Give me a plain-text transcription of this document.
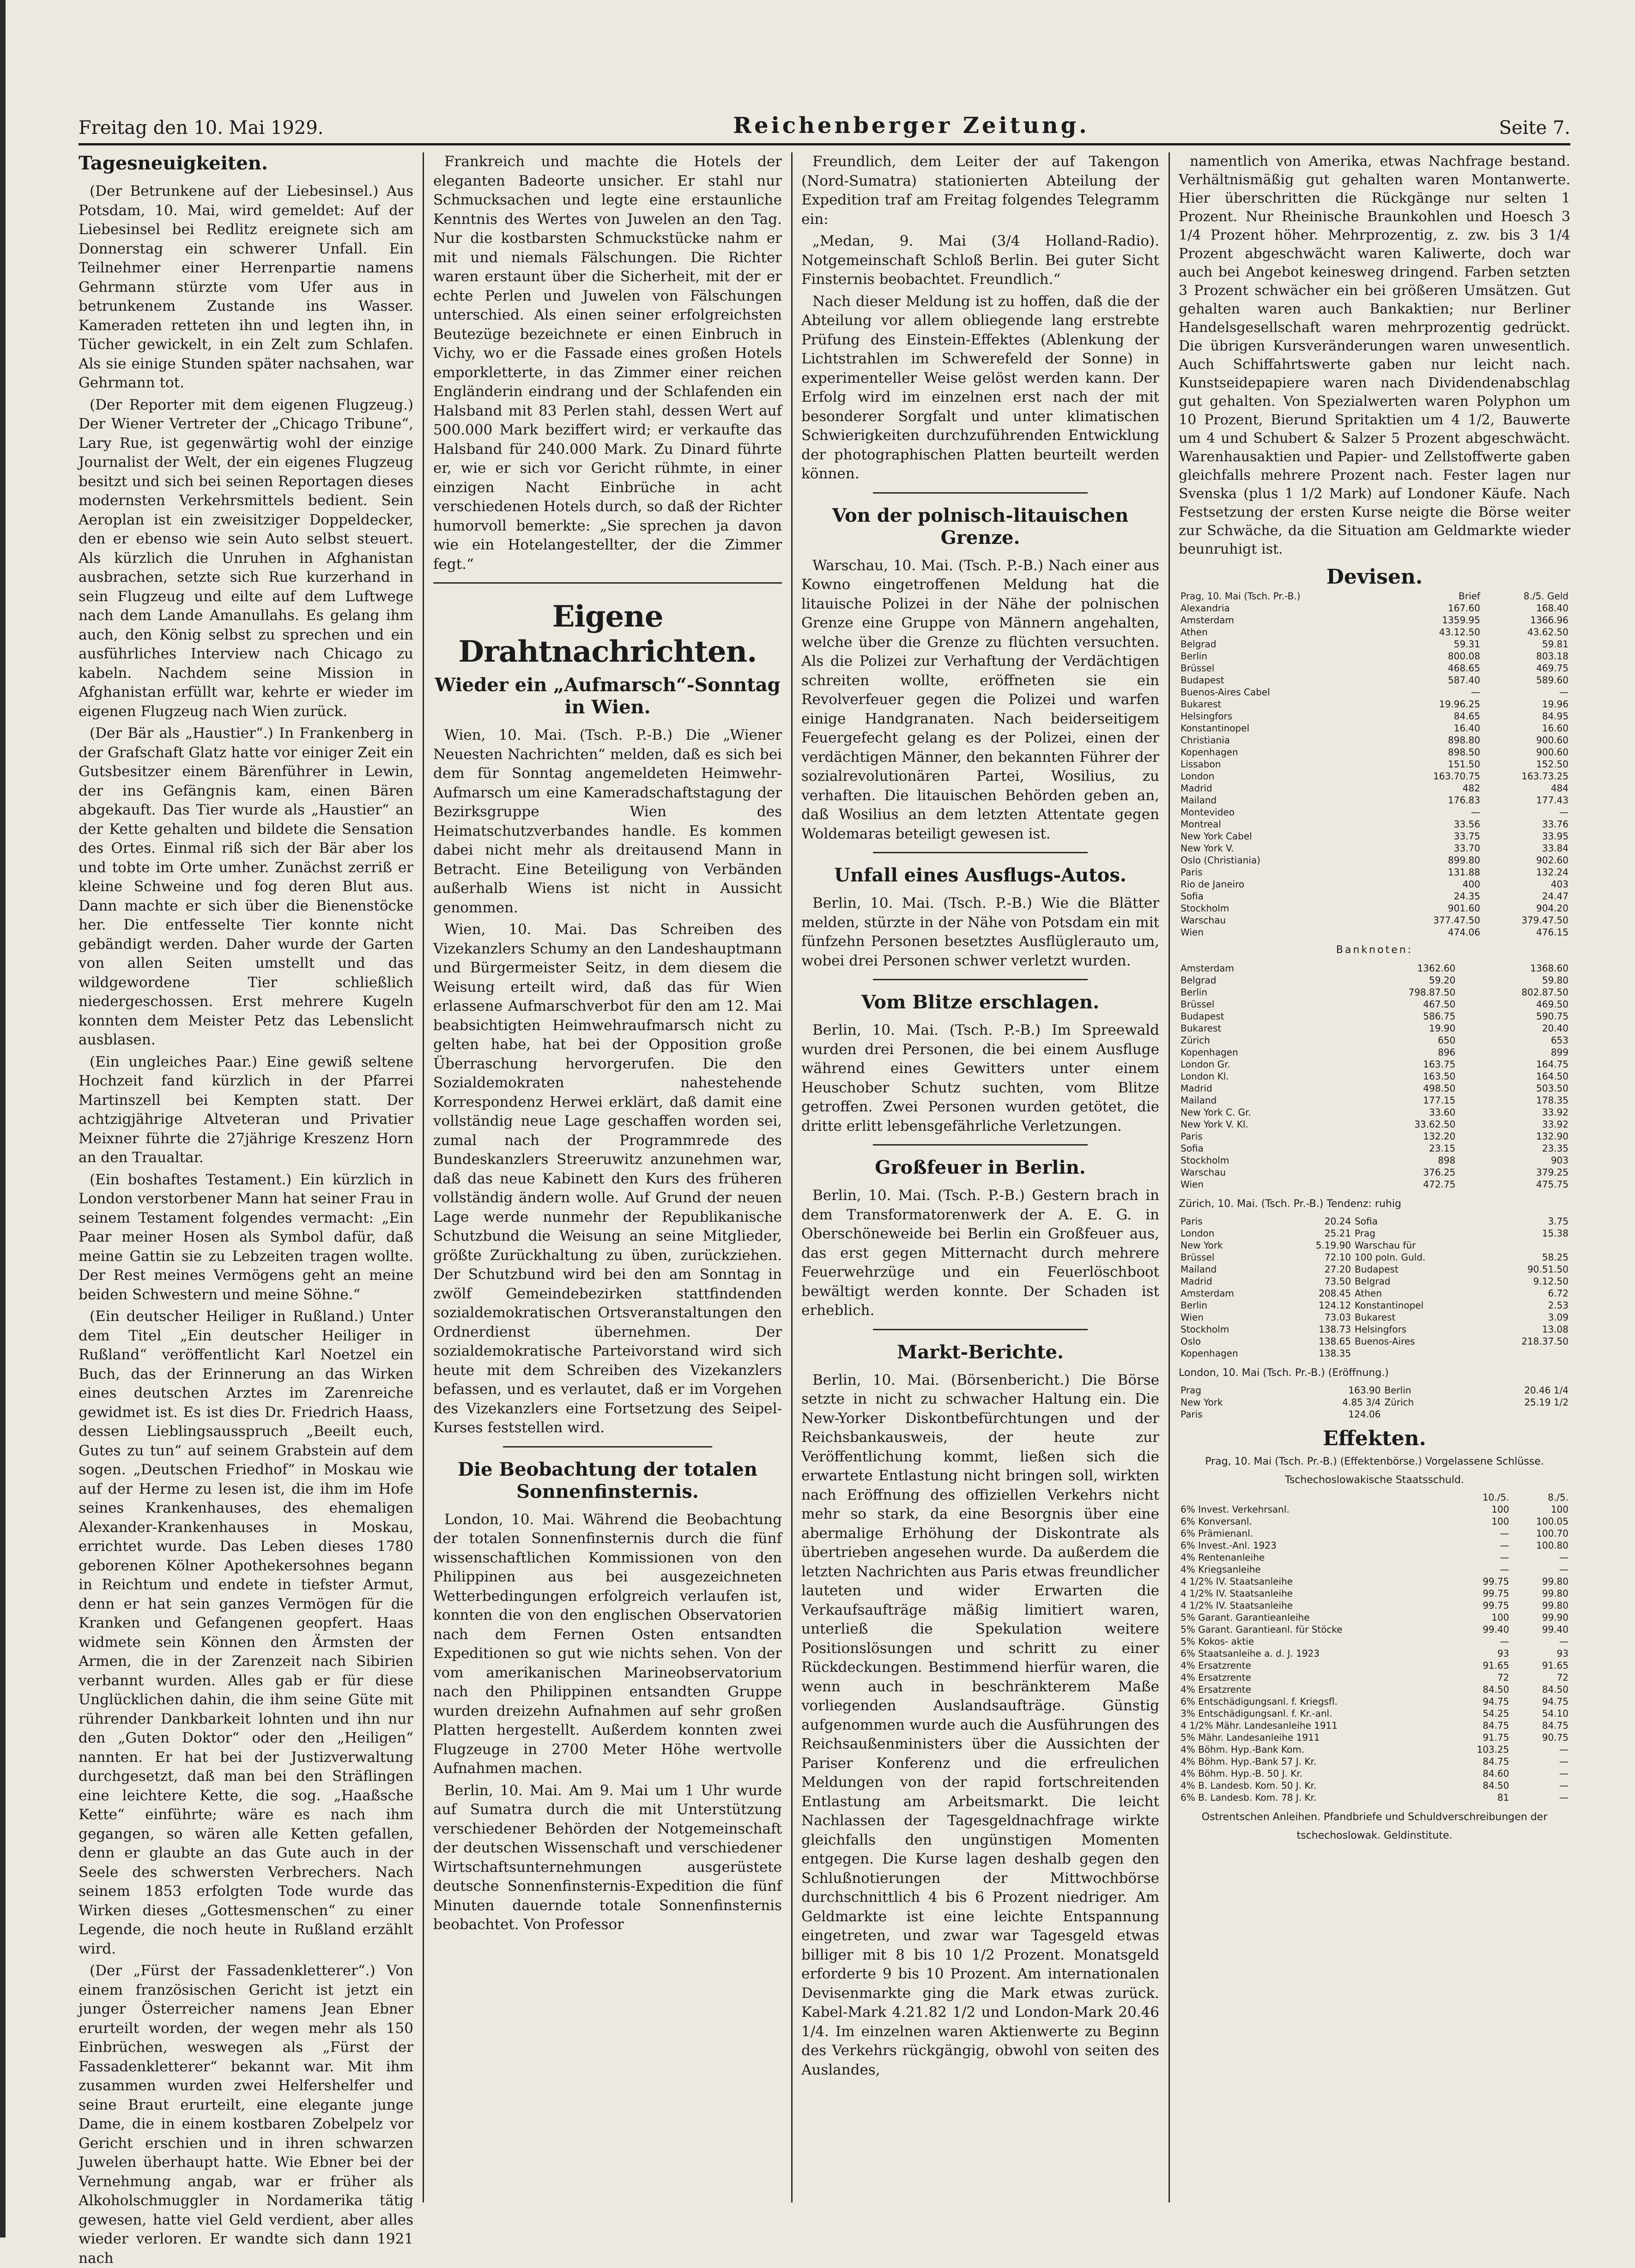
Freitag den 10. Mai 1929.	Reichenberger Zeitung.	Seite 7.
Tagesneuigkeiten.

(Der Betrunkene auf der Liebesinsel.) Aus Potsdam, 10. Mai, wird gemeldet: Auf der Liebesinsel bei Redlitz ereignete sich am Donnerstag ein schwerer Unfall. Ein Teilnehmer einer Herrenpartie namens Gehrmann stürzte vom Ufer aus in betrunkenem Zustande ins Wasser. Kameraden retteten ihn und legten ihn, in Tücher gewickelt, in ein Zelt zum Schlafen. Als sie einige Stunden später nachsahen, war Gehrmann tot.

(Der Reporter mit dem eigenen Flugzeug.) Der Wiener Vertreter der „Chicago Tribune“, Lary Rue, ist gegenwärtig wohl der einzige Journalist der Welt, der ein eigenes Flugzeug besitzt und sich bei seinen Reportagen dieses modernsten Verkehrsmittels bedient. Sein Aeroplan ist ein zweisitziger Doppeldecker, den er ebenso wie sein Auto selbst steuert. Als kürzlich die Unruhen in Afghanistan ausbrachen, setzte sich Rue kurzerhand in sein Flugzeug und eilte auf dem Luftwege nach dem Lande Amanullahs. Es gelang ihm auch, den König selbst zu sprechen und ein ausführliches Interview nach Chicago zu kabeln. Nachdem seine Mission in Afghanistan erfüllt war, kehrte er wieder im eigenen Flugzeug nach Wien zurück.

(Der Bär als „Haustier“.) In Frankenberg in der Grafschaft Glatz hatte vor einiger Zeit ein Gutsbesitzer einem Bärenführer in Lewin, der ins Gefängnis kam, einen Bären abgekauft. Das Tier wurde als „Haustier“ an der Kette gehalten und bildete die Sensation des Ortes. Einmal riß sich der Bär aber los und tobte im Orte umher. Zunächst zerriß er kleine Schweine und fog deren Blut aus. Dann machte er sich über die Bienenstöcke her. Die entfesselte Tier konnte nicht gebändigt werden. Daher wurde der Garten von allen Seiten umstellt und das wildgewordene Tier schließlich niedergeschossen. Erst mehrere Kugeln konnten dem Meister Petz das Lebenslicht ausblasen.

(Ein ungleiches Paar.) Eine gewiß seltene Hochzeit fand kürzlich in der Pfarrei Martinszell bei Kempten statt. Der achtzigjährige Altveteran und Privatier Meixner führte die 27jährige Kreszenz Horn an den Traualtar.

(Ein boshaftes Testament.) Ein kürzlich in London verstorbener Mann hat seiner Frau in seinem Testament folgendes vermacht: „Ein Paar meiner Hosen als Symbol dafür, daß meine Gattin sie zu Lebzeiten tragen wollte. Der Rest meines Vermögens geht an meine beiden Schwestern und meine Söhne.“

(Ein deutscher Heiliger in Rußland.) Unter dem Titel „Ein deutscher Heiliger in Rußland“ veröffentlicht Karl Noetzel ein Buch, das der Erinnerung an das Wirken eines deutschen Arztes im Zarenreiche gewidmet ist. Es ist dies Dr. Friedrich Haass, dessen Lieblingsausspruch „Beeilt euch, Gutes zu tun“ auf seinem Grabstein auf dem sogen. „Deutschen Friedhof“ in Moskau wie auf der Herme zu lesen ist, die ihm im Hofe seines Krankenhauses, des ehemaligen Alexander-Krankenhauses in Moskau, errichtet wurde. Das Leben dieses 1780 geborenen Kölner Apothekersohnes begann in Reichtum und endete in tiefster Armut, denn er hat sein ganzes Vermögen für die Kranken und Gefangenen geopfert. Haas widmete sein Können den Ärmsten der Armen, die in der Zarenzeit nach Sibirien verbannt wurden. Alles gab er für diese Unglücklichen dahin, die ihm seine Güte mit rührender Dankbarkeit lohnten und ihn nur den „Guten Doktor“ oder den „Heiligen“ nannten. Er hat bei der Justizverwaltung durchgesetzt, daß man bei den Sträflingen eine leichtere Kette, die sog. „Haaßsche Kette“ einführte; wäre es nach ihm gegangen, so wären alle Ketten gefallen, denn er glaubte an das Gute auch in der Seele des schwersten Verbrechers. Nach seinem 1853 erfolgten Tode wurde das Wirken dieses „Gottesmenschen“ zu einer Legende, die noch heute in Rußland erzählt wird.

(Der „Fürst der Fassadenkletterer“.) Von einem französischen Gericht ist jetzt ein junger Österreicher namens Jean Ebner erurteilt worden, der wegen mehr als 150 Einbrüchen, weswegen als „Fürst der Fassadenkletterer“ bekannt war. Mit ihm zusammen wurden zwei Helfershelfer und seine Braut erurteilt, eine elegante junge Dame, die in einem kostbaren Zobelpelz vor Gericht erschien und in ihren schwarzen Juwelen überhaupt hatte. Wie Ebner bei der Vernehmung angab, war er früher als Alkoholschmuggler in Nordamerika tätig gewesen, hatte viel Geld verdient, aber alles wieder verloren. Er wandte sich dann 1921 nach

Frankreich und machte die Hotels der eleganten Badeorte unsicher. Er stahl nur Schmucksachen und legte eine erstaunliche Kenntnis des Wertes von Juwelen an den Tag. Nur die kostbarsten Schmuckstücke nahm er mit und niemals Fälschungen. Die Richter waren erstaunt über die Sicherheit, mit der er echte Perlen und Juwelen von Fälschungen unterschied. Als einen seiner erfolgreichsten Beutezüge bezeichnete er einen Einbruch in Vichy, wo er die Fassade eines großen Hotels emporkletterte, in das Zimmer einer reichen Engländerin eindrang und der Schlafenden ein Halsband mit 83 Perlen stahl, dessen Wert auf 500.000 Mark beziffert wird; er verkaufte das Halsband für 240.000 Mark. Zu Dinard führte er, wie er sich vor Gericht rühmte, in einer einzigen Nacht Einbrüche in acht verschiedenen Hotels durch, so daß der Richter humorvoll bemerkte: „Sie sprechen ja davon wie ein Hotelangestellter, der die Zimmer fegt.“

Eigene Drahtnachrichten.
Wieder ein „Aufmarsch“-Sonntag in Wien.

Wien, 10. Mai. (Tsch. P.-B.) Die „Wiener Neuesten Nachrichten“ melden, daß es sich bei dem für Sonntag angemeldeten Heimwehr-Aufmarsch um eine Kameradschaftstagung der Bezirksgruppe Wien des Heimatschutzverbandes handle. Es kommen dabei nicht mehr als dreitausend Mann in Betracht. Eine Beteiligung von Verbänden außerhalb Wiens ist nicht in Aussicht genommen.

Wien, 10. Mai. Das Schreiben des Vizekanzlers Schumy an den Landeshauptmann und Bürgermeister Seitz, in dem diesem die Weisung erteilt wird, daß das für Wien erlassene Aufmarschverbot für den am 12. Mai beabsichtigten Heimwehraufmarsch nicht zu gelten habe, hat bei der Opposition große Überraschung hervorgerufen. Die den Sozialdemokraten nahestehende Korrespondenz Herwei erklärt, daß damit eine vollständig neue Lage geschaffen worden sei, zumal nach der Programmrede des Bundeskanzlers Streeruwitz anzunehmen war, daß das neue Kabinett den Kurs des früheren vollständig ändern wolle. Auf Grund der neuen Lage werde nunmehr der Republikanische Schutzbund die Weisung an seine Mitglieder, größte Zurückhaltung zu üben, zurückziehen. Der Schutzbund wird bei den am Sonntag in zwölf Gemeindebezirken stattfindenden sozialdemokratischen Ortsveranstaltungen den Ordnerdienst übernehmen. Der sozialdemokratische Parteivorstand wird sich heute mit dem Schreiben des Vizekanzlers befassen, und es verlautet, daß er im Vorgehen des Vizekanzlers eine Fortsetzung des Seipel-Kurses feststellen wird.

Die Beobachtung der totalen Sonnenfinsternis.

London, 10. Mai. Während die Beobachtung der totalen Sonnenfinsternis durch die fünf wissenschaftlichen Kommissionen von den Philippinen aus bei ausgezeichneten Wetterbedingungen erfolgreich verlaufen ist, konnten die von den englischen Observatorien nach dem Fernen Osten entsandten Expeditionen so gut wie nichts sehen. Von der vom amerikanischen Marineobservatorium nach den Philippinen entsandten Gruppe wurden dreizehn Aufnahmen auf sehr großen Platten hergestellt. Außerdem konnten zwei Flugzeuge in 2700 Meter Höhe wertvolle Aufnahmen machen.

Berlin, 10. Mai. Am 9. Mai um 1 Uhr wurde auf Sumatra durch die mit Unterstützung verschiedener Behörden der Notgemeinschaft der deutschen Wissenschaft und verschiedener Wirtschaftsunternehmungen ausgerüstete deutsche Sonnenfinsternis-Expedition die fünf Minuten dauernde totale Sonnenfinsternis beobachtet. Von Professor

Freundlich, dem Leiter der auf Takengon (Nord-Sumatra) stationierten Abteilung der Expedition traf am Freitag folgendes Telegramm ein:

„Medan, 9. Mai (3/4 Holland-Radio). Notgemeinschaft Schloß Berlin. Bei guter Sicht Finsternis beobachtet. Freundlich.“

Nach dieser Meldung ist zu hoffen, daß die der Abteilung vor allem obliegende lang erstrebte Prüfung des Einstein-Effektes (Ablenkung der Lichtstrahlen im Schwerefeld der Sonne) in experimenteller Weise gelöst werden kann. Der Erfolg wird im einzelnen erst nach der mit besonderer Sorgfalt und unter klimatischen Schwierigkeiten durchzuführenden Entwicklung der photographischen Platten beurteilt werden können.

Von der polnisch-litauischen Grenze.

Warschau, 10. Mai. (Tsch. P.-B.) Nach einer aus Kowno eingetroffenen Meldung hat die litauische Polizei in der Nähe der polnischen Grenze eine Gruppe von Männern angehalten, welche über die Grenze zu flüchten versuchten. Als die Polizei zur Verhaftung der Verdächtigen schreiten wollte, eröffneten sie ein Revolverfeuer gegen die Polizei und warfen einige Handgranaten. Nach beiderseitigem Feuergefecht gelang es der Polizei, einen der verdächtigen Männer, den bekannten Führer der sozialrevolutionären Partei, Wosilius, zu verhaften. Die litauischen Behörden geben an, daß Wosilius an dem letzten Attentate gegen Woldemaras beteiligt gewesen ist.

Unfall eines Ausflugs-Autos.

Berlin, 10. Mai. (Tsch. P.-B.) Wie die Blätter melden, stürzte in der Nähe von Potsdam ein mit fünfzehn Personen besetztes Ausflüglerauto um, wobei drei Personen schwer verletzt wurden.

Vom Blitze erschlagen.

Berlin, 10. Mai. (Tsch. P.-B.) Im Spreewald wurden drei Personen, die bei einem Ausfluge während eines Gewitters unter einem Heuschober Schutz suchten, vom Blitze getroffen. Zwei Personen wurden getötet, die dritte erlitt lebensgefährliche Verletzungen.

Großfeuer in Berlin.

Berlin, 10. Mai. (Tsch. P.-B.) Gestern brach in dem Transformatorenwerk der A. E. G. in Oberschöneweide bei Berlin ein Großfeuer aus, das erst gegen Mitternacht durch mehrere Feuerwehrzüge und ein Feuerlöschboot bewältigt werden konnte. Der Schaden ist erheblich.

Markt-Berichte.

Berlin, 10. Mai. (Börsenbericht.) Die Börse setzte in nicht zu schwacher Haltung ein. Die New-Yorker Diskontbefürchtungen und der Reichsbankausweis, der heute zur Veröffentlichung kommt, ließen sich die erwartete Entlastung nicht bringen soll, wirkten nach Eröffnung des offiziellen Verkehrs nicht mehr so stark, da eine Besorgnis über eine abermalige Erhöhung der Diskontrate als übertrieben angesehen wurde. Da außerdem die letzten Nachrichten aus Paris etwas freundlicher lauteten und wider Erwarten die Verkaufsaufträge mäßig limitiert waren, unterließ die Spekulation weitere Positionslösungen und schritt zu einer Rückdeckungen. Bestimmend hierfür waren, die wenn auch in beschränkterem Maße vorliegenden Auslandsaufträge. Günstig aufgenommen wurde auch die Ausführungen des Reichsaußenministers über die Aussichten der Pariser Konferenz und die erfreulichen Meldungen von der rapid fortschreitenden Entlastung am Arbeitsmarkt. Die leicht Nachlassen der Tagesgeldnachfrage wirkte gleichfalls den ungünstigen Momenten entgegen. Die Kurse lagen deshalb gegen den Schlußnotierungen der Mittwochbörse durchschnittlich 4 bis 6 Prozent niedriger. Am Geldmarkte ist eine leichte Entspannung eingetreten, und zwar war Tagesgeld etwas billiger mit 8 bis 10 1/2 Prozent. Monatsgeld erforderte 9 bis 10 Prozent. Am internationalen Devisenmarkte ging die Mark etwas zurück. Kabel-Mark 4.21.82 1/2 und London-Mark 20.46 1/4. Im einzelnen waren Aktienwerte zu Beginn des Verkehrs rückgängig, obwohl von seiten des Auslandes,

namentlich von Amerika, etwas Nachfrage bestand. Verhältnismäßig gut gehalten waren Montanwerte. Hier überschritten die Rückgänge nur selten 1 Prozent. Nur Rheinische Braunkohlen und Hoesch 3 1/4 Prozent höher. Mehrprozentig, z. zw. bis 3 1/4 Prozent abgeschwächt waren Kaliwerte, doch war auch bei Angebot keinesweg dringend. Farben setzten 3 Prozent schwächer ein bei größeren Umsätzen. Gut gehalten waren auch Bankaktien; nur Berliner Handelsgesellschaft waren mehrprozentig gedrückt. Die übrigen Kursveränderungen waren unwesentlich. Auch Schiffahrtswerte gaben nur leicht nach. Kunstseidepapiere waren nach Dividendenabschlag gut gehalten. Von Spezialwerten waren Polyphon um 10 Prozent, Bierund Spritaktien um 4 1/2, Bauwerte um 4 und Schubert & Salzer 5 Prozent abgeschwächt. Warenhausaktien und Papier- und Zellstoffwerte gaben gleichfalls mehrere Prozent nach. Fester lagen nur Svenska (plus 1 1/2 Mark) auf Londoner Käufe. Nach Festsetzung der ersten Kurse neigte die Börse weiter zur Schwäche, da die Situation am Geldmarkte wieder beunruhigt ist.

Devisen.
Prag, 10. Mai (Tsch. Pr.-B.)	Brief	8./5. Geld
Alexandria	167.60	168.40
Amsterdam	1359.95	1366.96
Athen	43.12.50	43.62.50
Belgrad	59.31	59.81
Berlin	800.08	803.18
Brüssel	468.65	469.75
Budapest	587.40	589.60
Buenos-Aires Cabel	—	—
Bukarest	19.96.25	19.96
Helsingfors	84.65	84.95
Konstantinopel	16.40	16.60
Christiania	898.80	900.60
Kopenhagen	898.50	900.60
Lissabon	151.50	152.50
London	163.70.75	163.73.25
Madrid	482	484
Mailand	176.83	177.43
Montevideo	—	—
Montreal	33.56	33.76
New York Cabel	33.75	33.95
New York V.	33.70	33.84
Oslo (Christiania)	899.80	902.60
Paris	131.88	132.24
Rio de Janeiro	400	403
Sofia	24.35	24.47
Stockholm	901.60	904.20
Warschau	377.47.50	379.47.50
Wien	474.06	476.15
Banknoten:
Amsterdam	1362.60	1368.60
Belgrad	59.20	59.80
Berlin	798.87.50	802.87.50
Brüssel	467.50	469.50
Budapest	586.75	590.75
Bukarest	19.90	20.40
Zürich	650	653
Kopenhagen	896	899
London Gr.	163.75	164.75
London Kl.	163.50	164.50
Madrid	498.50	503.50
Mailand	177.15	178.35
New York C. Gr.	33.60	33.92
New York V. Kl.	33.62.50	33.92
Paris	132.20	132.90
Sofia	23.15	23.35
Stockholm	898	903
Warschau	376.25	379.25
Wien	472.75	475.75
Zürich, 10. Mai. (Tsch. Pr.-B.) Tendenz: ruhig
Paris	20.24	Sofia	3.75
London	25.21	Prag	15.38
New York	5.19.90	Warschau für	
Brüssel	72.10	100 poln. Guld.	58.25
Mailand	27.20	Budapest	90.51.50
Madrid	73.50	Belgrad	9.12.50
Amsterdam	208.45	Athen	6.72
Berlin	124.12	Konstantinopel	2.53
Wien	73.03	Bukarest	3.09
Stockholm	138.73	Helsingfors	13.08
Oslo	138.65	Buenos-Aires	218.37.50
Kopenhagen	138.35		
London, 10. Mai (Tsch. Pr.-B.) (Eröffnung.)
Prag	163.90	Berlin	20.46 1/4
New York	4.85 3/4	Zürich	25.19 1/2
Paris	124.06		
Effekten.
Prag, 10. Mai (Tsch. Pr.-B.) (Effektenbörse.) Vorgelassene Schlüsse. Tschechoslowakische Staatsschuld.
	10./5.	8./5.
6% Invest. Verkehrsanl.	100	100
6% Konversanl.	100	100.05
6% Prämienanl.	—	100.70
6% Invest.-Anl. 1923	—	100.80
4% Rentenanleihe	—	—
4% Kriegsanleihe	—	—
4 1/2% IV. Staatsanleihe	99.75	99.80
4 1/2% IV. Staatsanleihe	99.75	99.80
4 1/2% IV. Staatsanleihe	99.75	99.80
5% Garant. Garantieanleihe	100	99.90
5% Garant. Garantieanl. für Stöcke	99.40	99.40
5% Kokos- aktie	—	—
6% Staatsanleihe a. d. J. 1923	93	93
4% Ersatzrente	91.65	91.65
4% Ersatzrente	72	72
4% Ersatzrente	84.50	84.50
6% Entschädigungsanl. f. Kriegsfl.	94.75	94.75
3% Entschädigungsanl. f. Kr.-anl.	54.25	54.10
4 1/2% Mähr. Landesanleihe 1911	84.75	84.75
5% Mähr. Landesanleihe 1911	91.75	90.75
4% Böhm. Hyp.-Bank Kom.	103.25	—
4% Böhm. Hyp.-Bank 57 J. Kr.	84.75	—
4% Böhm. Hyp.-B. 50 J. Kr.	84.60	—
4% B. Landesb. Kom. 50 J. Kr.	84.50	—
6% B. Landesb. Kom. 78 J. Kr.	81	—
Ostrentschen Anleihen. Pfandbriefe und Schuldverschreibungen der tschechoslowak. Geldinstitute.
